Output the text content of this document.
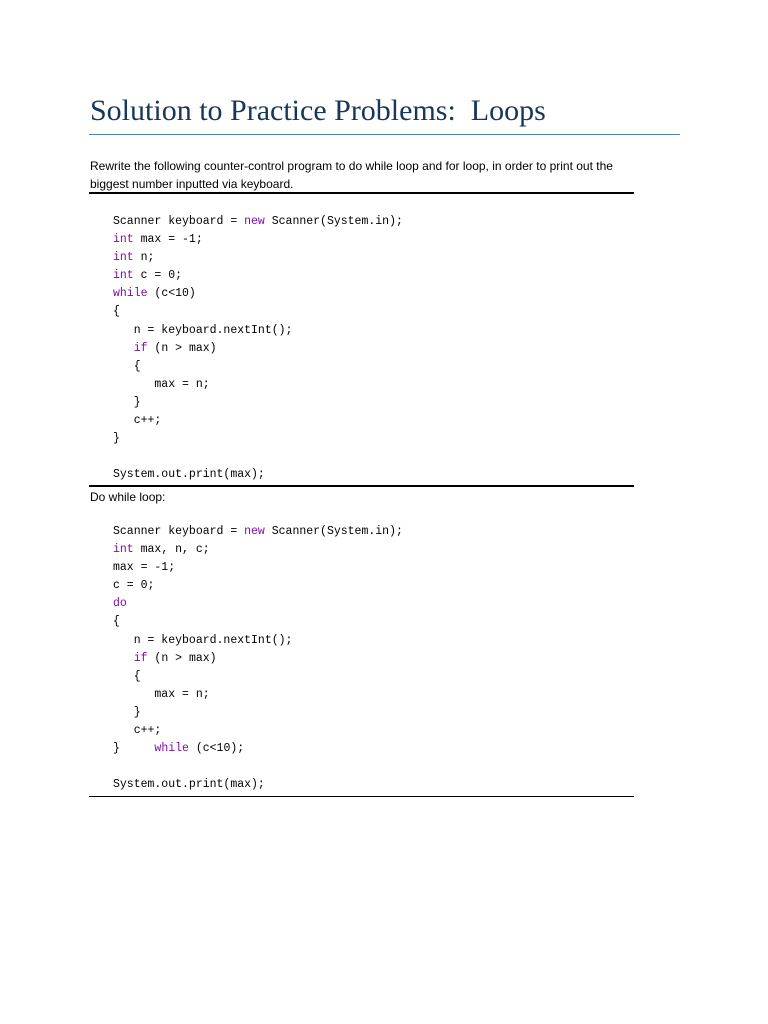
Solution to Practice Problems:  Loops

Rewrite the following counter-control program to do while loop and for loop, in order to print out the biggest number inputted via keyboard.

Scanner keyboard = new Scanner(System.in);
int max = -1;
int n;
int c = 0;
while (c<10)
{
n = keyboard.nextInt();
if (n > max)
{
max = n;
}
c++;
}

System.out.print(max);
Do while loop:
Scanner keyboard = new Scanner(System.in);
int max, n, c;
max = -1;
c = 0;
do
{
n = keyboard.nextInt();
if (n > max)
{
max = n;
}
c++;
}     while (c<10);

System.out.print(max);
